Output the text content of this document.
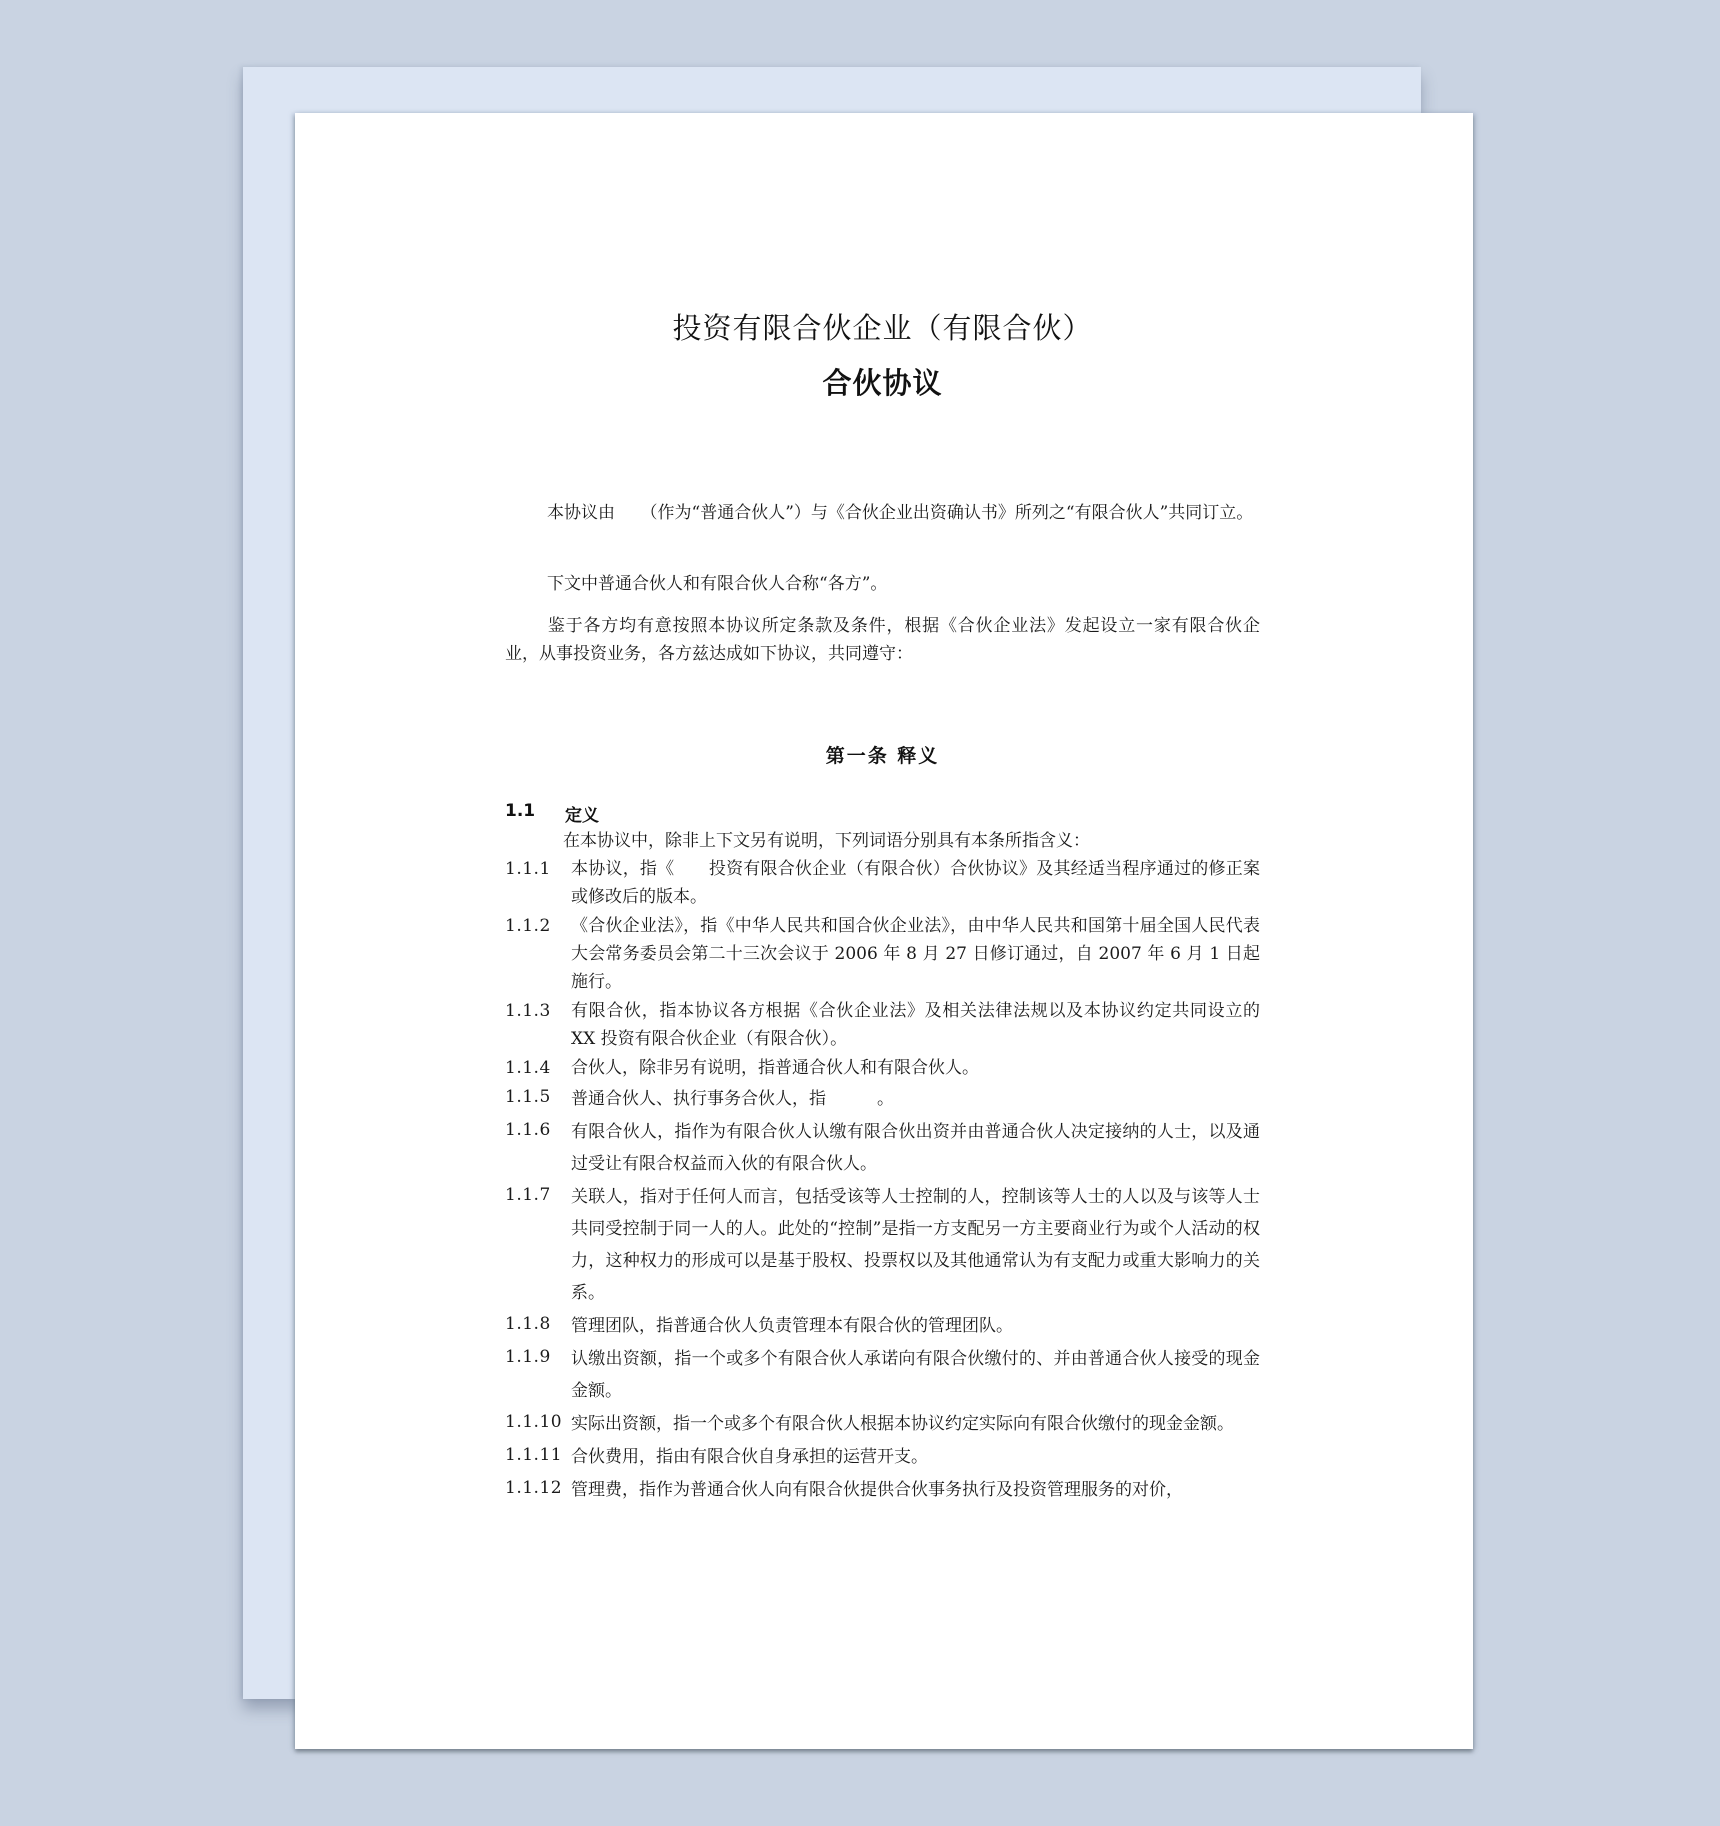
投资有限合伙企业（有限合伙）
合伙协议
本协议由　　（作为“普通合伙人”）与《合伙企业出资确认书》所列之“有限合伙人”共同订立。
下文中普通合伙人和有限合伙人合称“各方”。
鉴于各方均有意按照本协议所定条款及条件，根据《合伙企业法》发起设立一家有限合伙企业，从事投资业务，各方兹达成如下协议，共同遵守：
第一条 释义
1.1	定义
在本协议中，除非上下文另有说明，下列词语分别具有本条所指含义：
1.1.1	本协议，指《　　投资有限合伙企业（有限合伙）合伙协议》及其经适当程序通过的修正案或修改后的版本。
1.1.2	《合伙企业法》，指《中华人民共和国合伙企业法》，由中华人民共和国第十届全国人民代表大会常务委员会第二十三次会议于 2006 年 8 月 27 日修订通过，自 2007 年 6 月 1 日起施行。
1.1.3	有限合伙，指本协议各方根据《合伙企业法》及相关法律法规以及本协议约定共同设立的 XX 投资有限合伙企业（有限合伙）。
1.1.4	合伙人，除非另有说明，指普通合伙人和有限合伙人。
1.1.5	普通合伙人、执行事务合伙人，指　　　。
1.1.6	有限合伙人，指作为有限合伙人认缴有限合伙出资并由普通合伙人决定接纳的人士，以及通过受让有限合权益而入伙的有限合伙人。
1.1.7	关联人，指对于任何人而言，包括受该等人士控制的人，控制该等人士的人以及与该等人士共同受控制于同一人的人。此处的“控制”是指一方支配另一方主要商业行为或个人活动的权力，这种权力的形成可以是基于股权、投票权以及其他通常认为有支配力或重大影响力的关系。
1.1.8	管理团队，指普通合伙人负责管理本有限合伙的管理团队。
1.1.9	认缴出资额，指一个或多个有限合伙人承诺向有限合伙缴付的、并由普通合伙人接受的现金金额。
1.1.10 实际出资额，指一个或多个有限合伙人根据本协议约定实际向有限合伙缴付的现金金额。
1.1.11 合伙费用，指由有限合伙自身承担的运营开支。
1.1.12 管理费，指作为普通合伙人向有限合伙提供合伙事务执行及投资管理服务的对价，
